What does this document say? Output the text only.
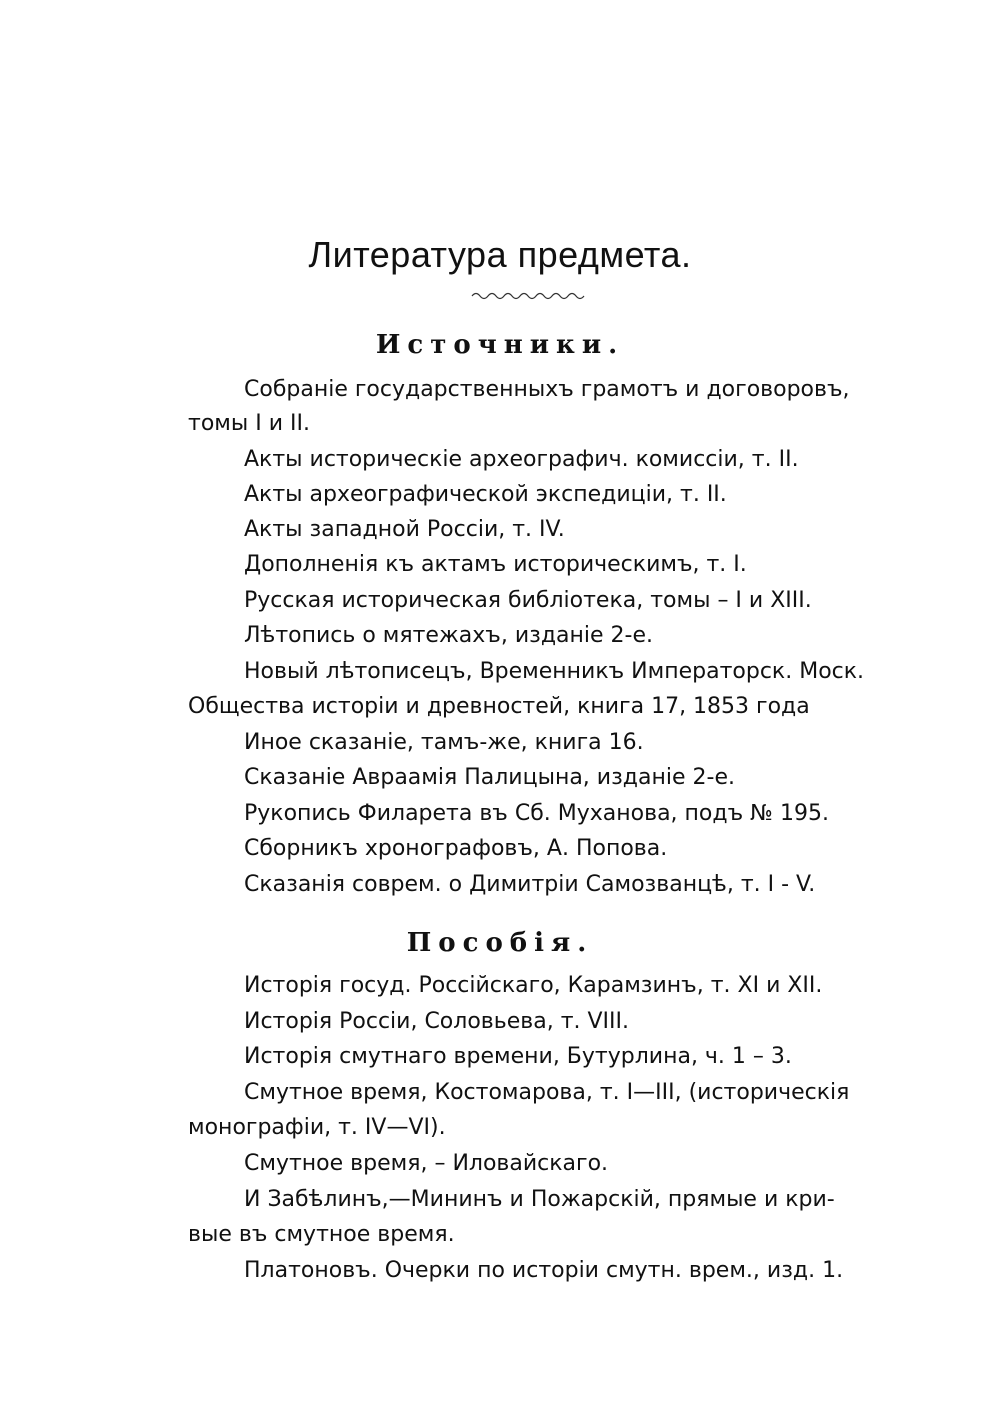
Литература предмета.
Источники.
Собраніе государственныхъ грамотъ и договоровъ,
томы I и II.
Акты историческіе археографич. комиссіи, т. II.
Акты археографической экспедиціи, т. II.
Акты западной Россіи, т. IV.
Дополненія къ актамъ историческимъ, т. I.
Русская историческая библіотека, томы – I и XIII.
Лѣтопись о мятежахъ, изданіе 2-е.
Новый лѣтописецъ, Временникъ Императорск. Моск.
Общества исторіи и древностей, книга 17, 1853 года
Иное сказаніе, тамъ-же, книга 16.
Сказаніе Авраамія Палицына, изданіе 2-е.
Рукопись Филарета въ Сб. Муханова, подъ № 195.
Сборникъ хронографовъ, А. Попова.
Сказанія соврем. о Димитріи Самозванцѣ, т. I - V.
Пособія.
Исторія госуд. Россійскаго, Карамзинъ, т. XI и XII.
Исторія Россіи, Соловьева, т. VIII.
Исторія смутнаго времени, Бутурлина, ч. 1 – 3.
Смутное время, Костомарова, т. I—III, (историческія
монографіи, т. IV—VI).
Смутное время, – Иловайскаго.
И Забѣлинъ,—Mининъ и Пожарскій, прямые и кри-
вые въ смутное время.
Платоновъ. Очерки по исторіи смутн. врем., изд. 1.
